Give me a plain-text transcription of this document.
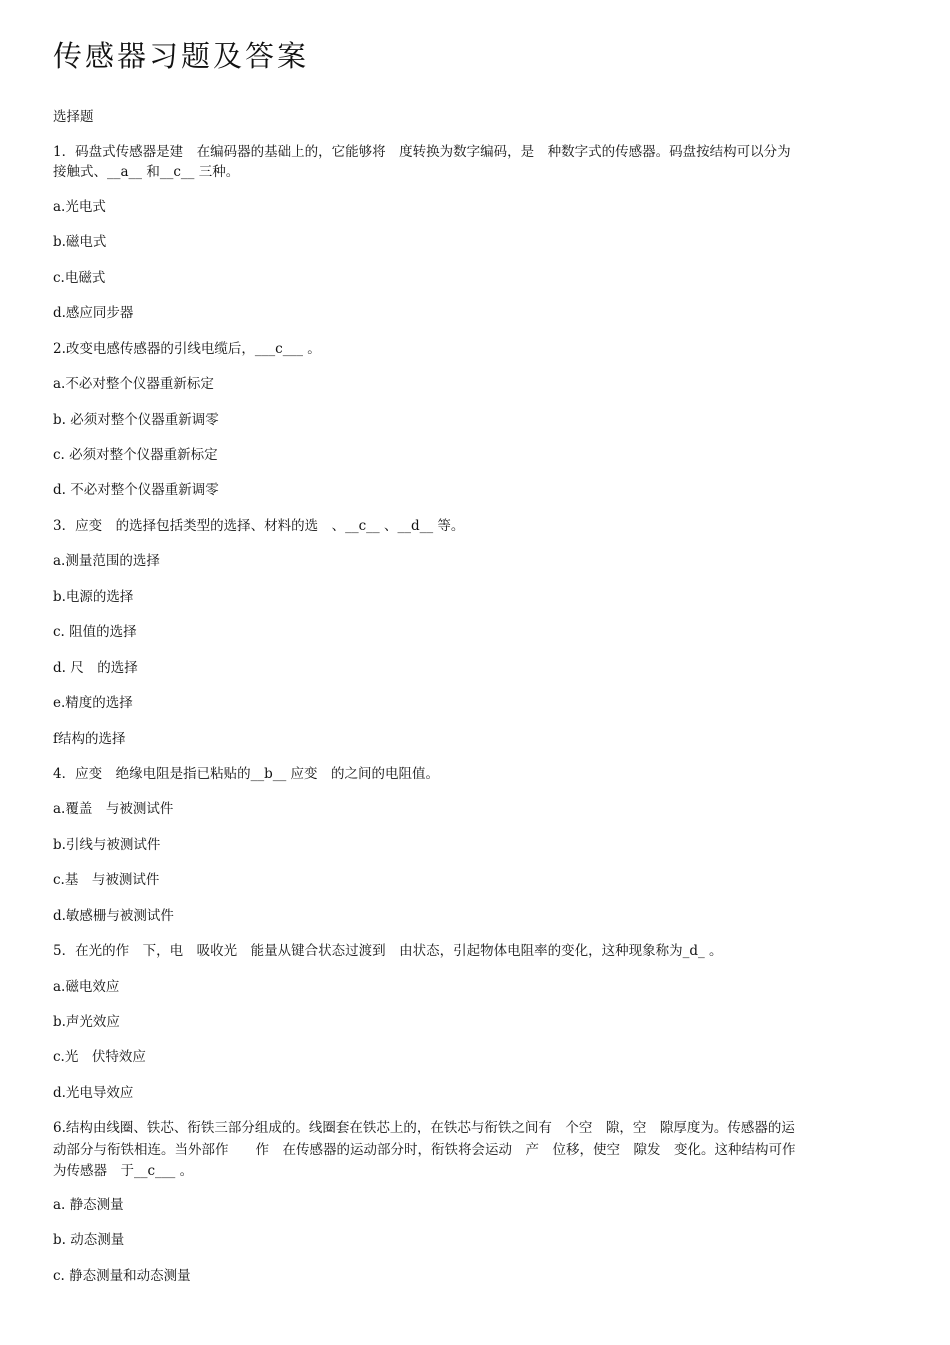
传感器习题及答案
选择题
1．码盘式传感器是建　在编码器的基础上的，它能够将　度转换为数字编码，是　种数字式的传感器。码盘按结构可以分为
接触式、__a__ 和__c__ 三种。
a.光电式
b.磁电式
c.电磁式
d.感应同步器
2.改变电感传感器的引线电缆后，___c___ 。
a.不必对整个仪器重新标定
b. 必须对整个仪器重新调零
c. 必须对整个仪器重新标定
d. 不必对整个仪器重新调零
3．应变　的选择包括类型的选择、材料的选　、__c__ 、__d__ 等。
a.测量范围的选择
b.电源的选择
c. 阻值的选择
d. 尺　的选择
e.精度的选择
f结构的选择
4．应变　绝缘电阻是指已粘贴的__b__ 应变　的之间的电阻值。
a.覆盖　与被测试件
b.引线与被测试件
c.基　与被测试件
d.敏感栅与被测试件
5．在光的作　下，电　吸收光　能量从键合状态过渡到　由状态，引起物体电阻率的变化，这种现象称为_d_ 。
a.磁电效应
b.声光效应
c.光　伏特效应
d.光电导效应
6.结构由线圈、铁芯、衔铁三部分组成的。线圈套在铁芯上的，在铁芯与衔铁之间有　个空　隙，空　隙厚度为。传感器的运
动部分与衔铁相连。当外部作　　作　在传感器的运动部分时，衔铁将会运动　产　位移，使空　隙发　变化。这种结构可作
为传感器　于__c___ 。
a. 静态测量
b. 动态测量
c. 静态测量和动态测量
